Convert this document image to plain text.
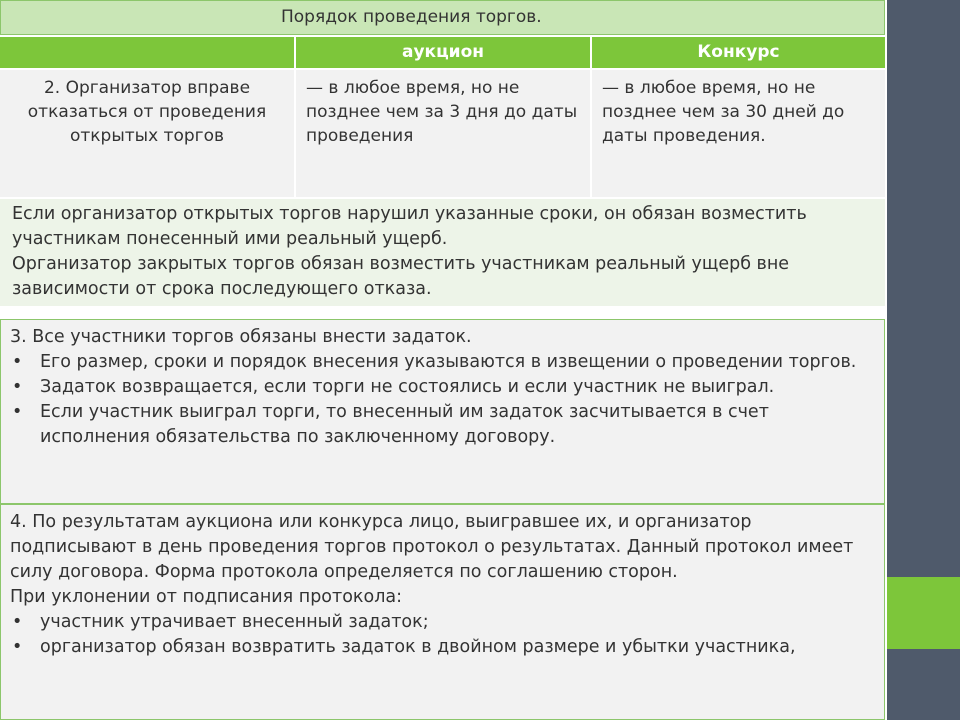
Порядок проведения торгов.
аукцион	Конкурс
2. Организатор вправе отказаться от проведения открытых торгов
— в любое время, но не позднее чем за 3 дня до даты проведения
— в любое время, но не позднее чем за 30 дней до даты проведения.
Если организатор открытых торгов нарушил указанные сроки, он обязан возместить участникам понесенный ими реальный ущерб.
Организатор закрытых торгов обязан возместить участникам реальный ущерб вне зависимости от срока последующего отказа.
3. Все участники торгов обязаны внести задаток.
• Его размер, сроки и порядок внесения указываются в извещении о проведении торгов.
• Задаток возвращается, если торги не состоялись и если участник не выиграл.
• Если участник выиграл торги, то внесенный им задаток засчитывается в счет исполнения обязательства по заключенному договору.
4. По результатам аукциона или конкурса лицо, выигравшее их, и организатор подписывают в день проведения торгов протокол о результатах. Данный протокол имеет силу договора. Форма протокола определяется по соглашению сторон.
При уклонении от подписания протокола:
• участник утрачивает внесенный задаток;
• организатор обязан возвратить задаток в двойном размере и убытки участника,
